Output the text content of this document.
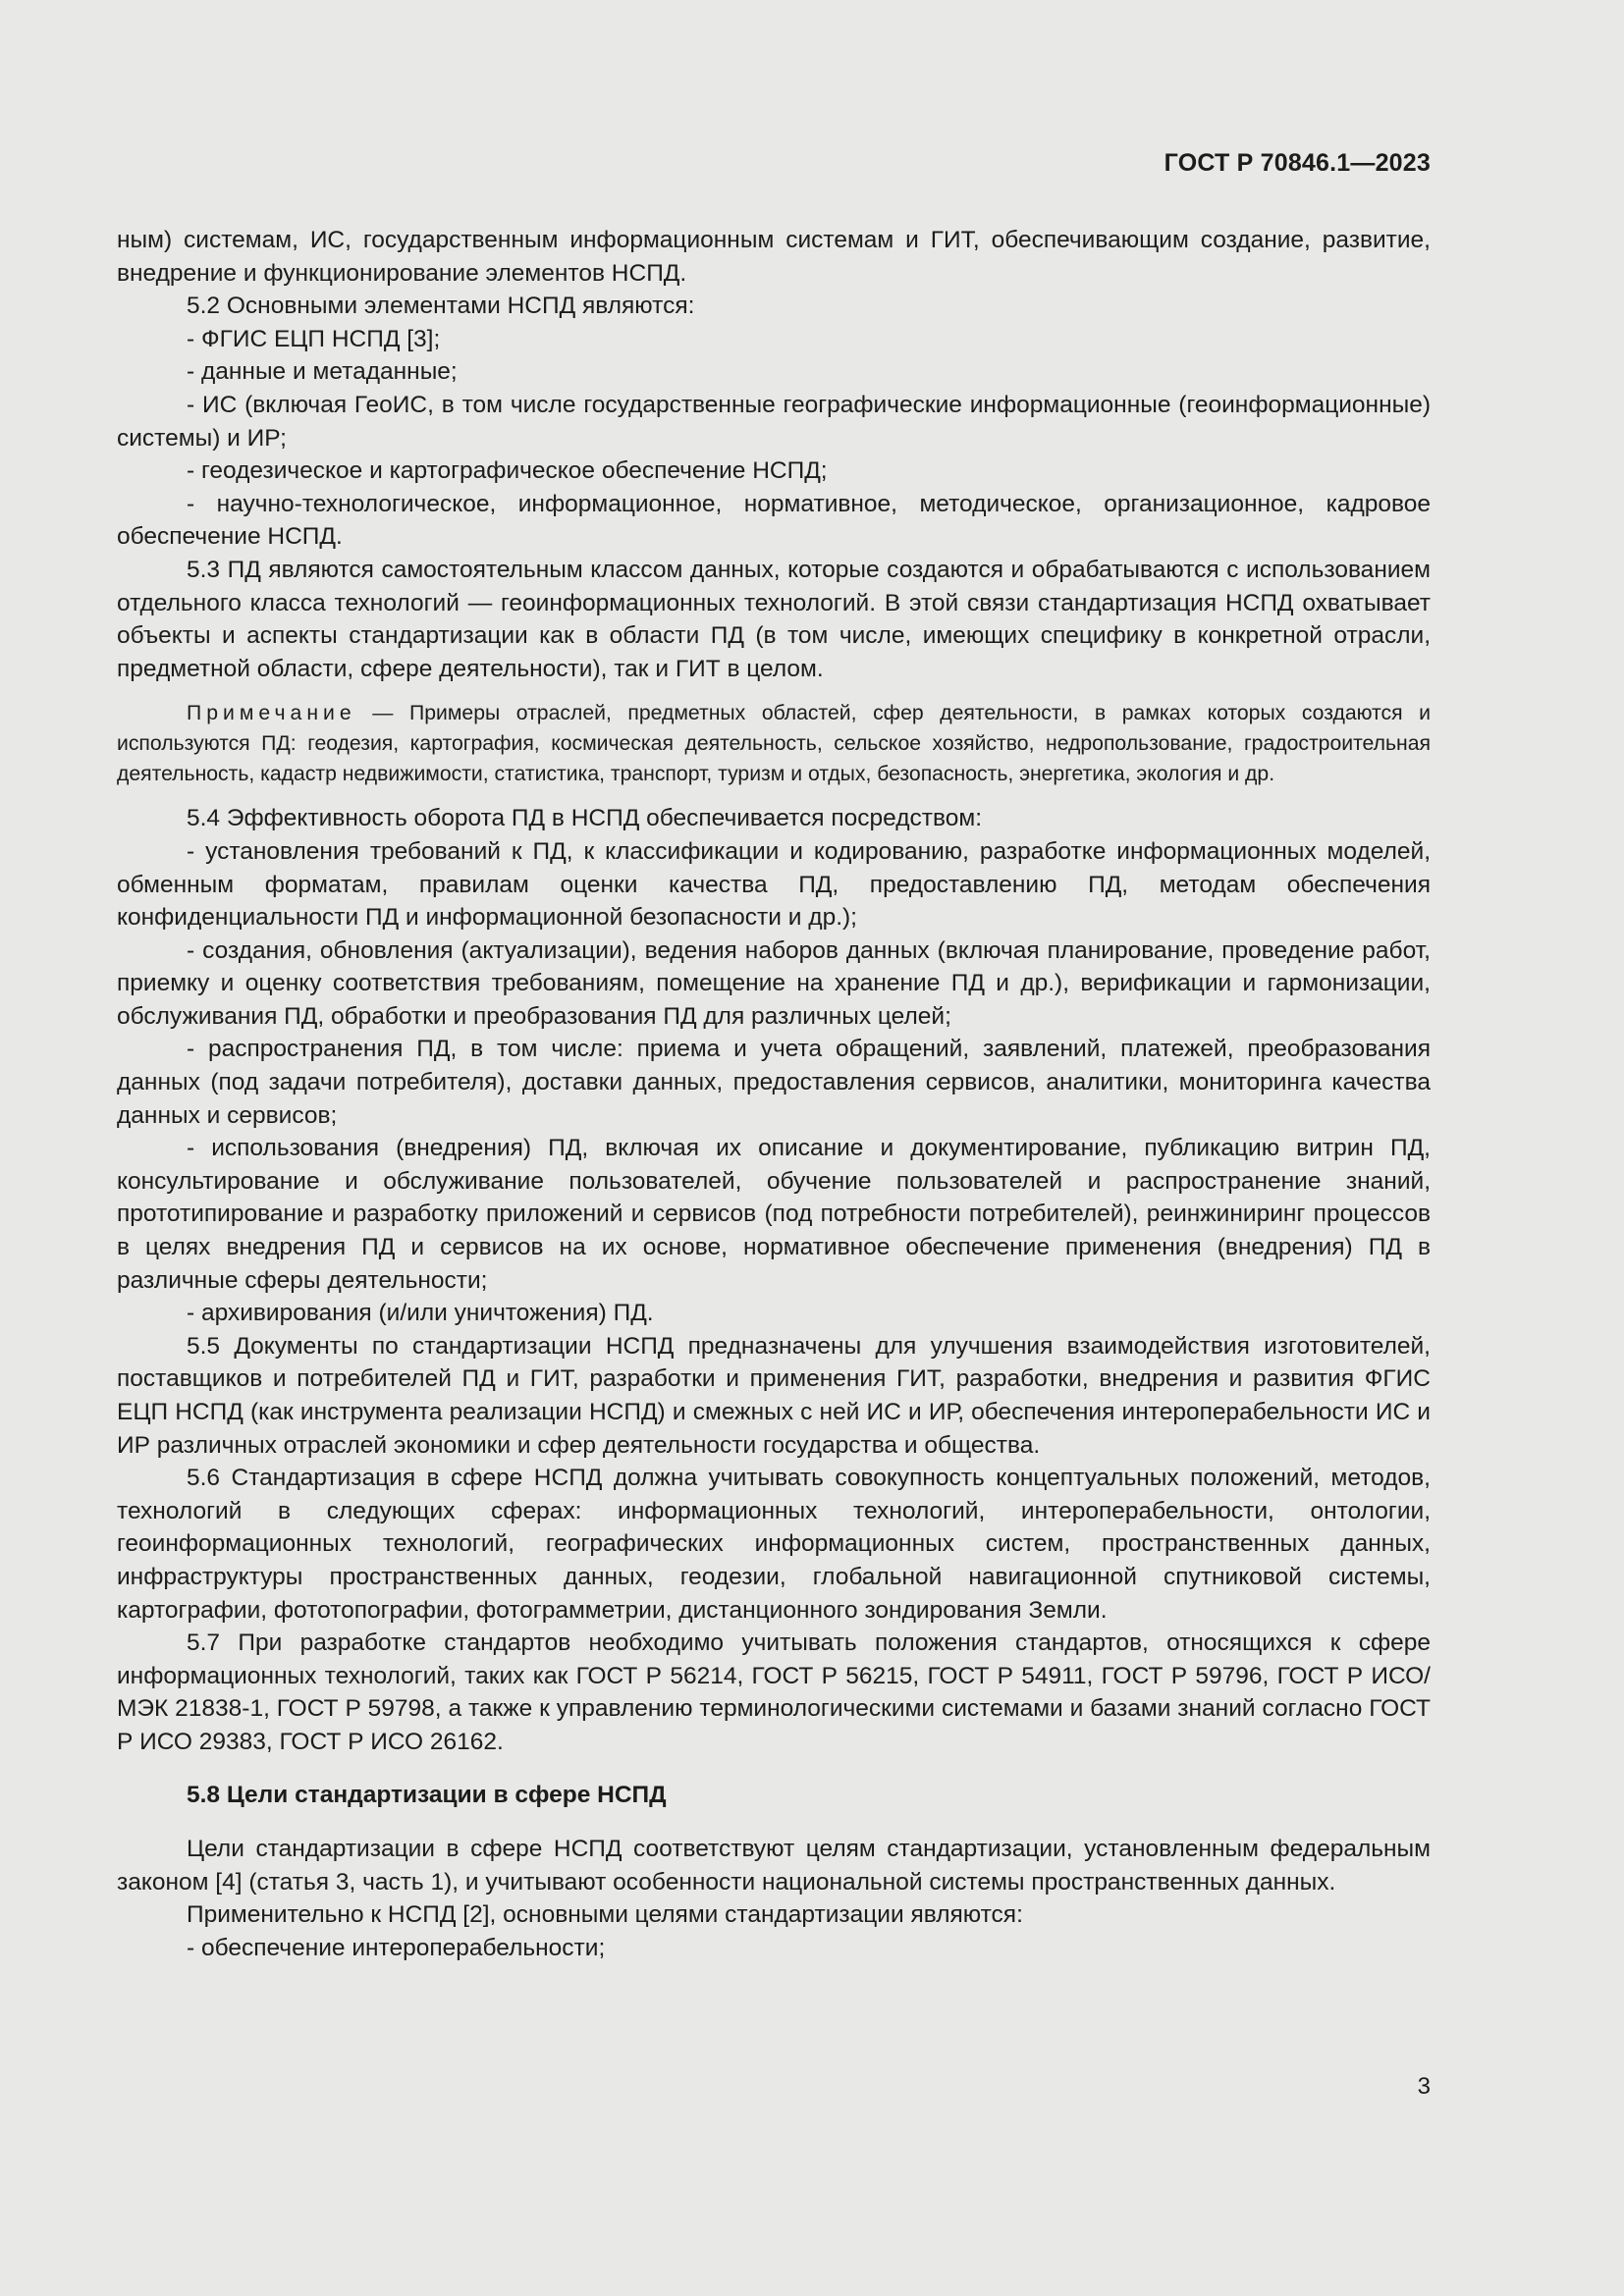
ГОСТ Р 70846.1—2023

ным) системам, ИС, государственным информационным системам и ГИТ, обеспечивающим создание, развитие, внедрение и функционирование элементов НСПД.

5.2 Основными элементами НСПД являются:

- ФГИС ЕЦП НСПД [3];

- данные и метаданные;

- ИС (включая ГеоИС, в том числе государственные географические информационные (геоинформационные) системы) и ИР;

- геодезическое и картографическое обеспечение НСПД;

- научно-технологическое, информационное, нормативное, методическое, организационное, кадровое обеспечение НСПД.

5.3 ПД являются самостоятельным классом данных, которые создаются и обрабатываются с использованием отдельного класса технологий — геоинформационных технологий. В этой связи стандартизация НСПД охватывает объекты и аспекты стандартизации как в области ПД (в том числе, имеющих специфику в конкретной отрасли, предметной области, сфере деятельности), так и ГИТ в целом.

Примечание — Примеры отраслей, предметных областей, сфер деятельности, в рамках которых создаются и используются ПД: геодезия, картография, космическая деятельность, сельское хозяйство, недропользование, градостроительная деятельность, кадастр недвижимости, статистика, транспорт, туризм и отдых, безопасность, энергетика, экология и др.

5.4 Эффективность оборота ПД в НСПД обеспечивается посредством:

- установления требований к ПД, к классификации и кодированию, разработке информационных моделей, обменным форматам, правилам оценки качества ПД, предоставлению ПД, методам обеспечения конфиденциальности ПД и информационной безопасности и др.);

- создания, обновления (актуализации), ведения наборов данных (включая планирование, проведение работ, приемку и оценку соответствия требованиям, помещение на хранение ПД и др.), верификации и гармонизации, обслуживания ПД, обработки и преобразования ПД для различных целей;

- распространения ПД, в том числе: приема и учета обращений, заявлений, платежей, преобразования данных (под задачи потребителя), доставки данных, предоставления сервисов, аналитики, мониторинга качества данных и сервисов;

- использования (внедрения) ПД, включая их описание и документирование, публикацию витрин ПД, консультирование и обслуживание пользователей, обучение пользователей и распространение знаний, прототипирование и разработку приложений и сервисов (под потребности потребителей), реинжиниринг процессов в целях внедрения ПД и сервисов на их основе, нормативное обеспечение применения (внедрения) ПД в различные сферы деятельности;

- архивирования (и/или уничтожения) ПД.

5.5 Документы по стандартизации НСПД предназначены для улучшения взаимодействия изготовителей, поставщиков и потребителей ПД и ГИТ, разработки и применения ГИТ, разработки, внедрения и развития ФГИС ЕЦП НСПД (как инструмента реализации НСПД) и смежных с ней ИС и ИР, обеспечения интероперабельности ИС и ИР различных отраслей экономики и сфер деятельности государства и общества.

5.6 Стандартизация в сфере НСПД должна учитывать совокупность концептуальных положений, методов, технологий в следующих сферах: информационных технологий, интероперабельности, онтологии, геоинформационных технологий, географических информационных систем, пространственных данных, инфраструктуры пространственных данных, геодезии, глобальной навигационной спутниковой системы, картографии, фототопографии, фотограмметрии, дистанционного зондирования Земли.

5.7 При разработке стандартов необходимо учитывать положения стандартов, относящихся к сфере информационных технологий, таких как ГОСТ Р 56214, ГОСТ Р 56215, ГОСТ Р 54911, ГОСТ Р 59796, ГОСТ Р ИСО/МЭК 21838-1, ГОСТ Р 59798, а также к управлению терминологическими системами и базами знаний согласно ГОСТ Р ИСО 29383, ГОСТ Р ИСО 26162.

5.8 Цели стандартизации в сфере НСПД

Цели стандартизации в сфере НСПД соответствуют целям стандартизации, установленным федеральным законом [4] (статья 3, часть 1), и учитывают особенности национальной системы пространственных данных.

Применительно к НСПД [2], основными целями стандартизации являются:

- обеспечение интероперабельности;

3
